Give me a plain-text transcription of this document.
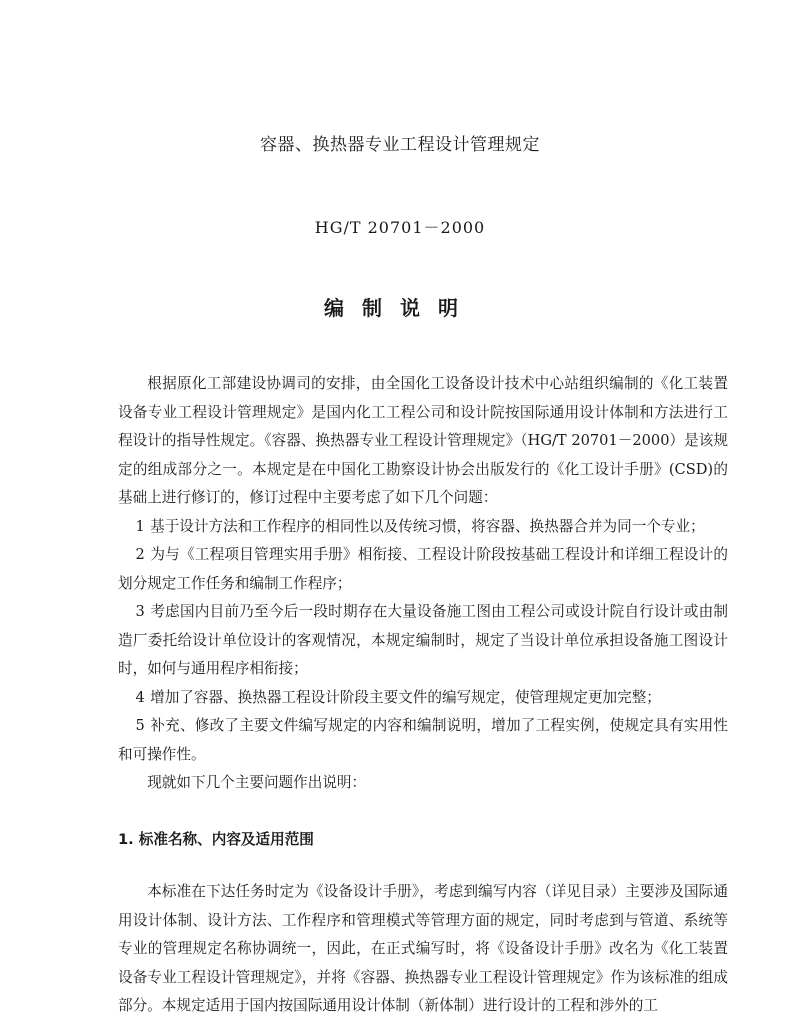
容器、换热器专业工程设计管理规定
HG/T 20701－2000
编制说明

根据原化工部建设协调司的安排，由全国化工设备设计技术中心站组织编制的《化工装置设备专业工程设计管理规定》是国内化工工程公司和设计院按国际通用设计体制和方法进行工程设计的指导性规定。《容器、换热器专业工程设计管理规定》（HG/T 20701－2000）是该规定的组成部分之一。本规定是在中国化工勘察设计协会出版发行的《化工设计手册》(CSD)的基础上进行修订的，修订过程中主要考虑了如下几个问题：

1 基于设计方法和工作程序的相同性以及传统习惯，将容器、换热器合并为同一个专业；

2 为与《工程项目管理实用手册》相衔接、工程设计阶段按基础工程设计和详细工程设计的划分规定工作任务和编制工作程序；

3 考虑国内目前乃至今后一段时期存在大量设备施工图由工程公司或设计院自行设计或由制造厂委托给设计单位设计的客观情况，本规定编制时，规定了当设计单位承担设备施工图设计时，如何与通用程序相衔接；

4 增加了容器、换热器工程设计阶段主要文件的编写规定，使管理规定更加完整；

5 补充、修改了主要文件编写规定的内容和编制说明，增加了工程实例，使规定具有实用性和可操作性。

现就如下几个主要问题作出说明：

1. 标准名称、内容及适用范围

本标准在下达任务时定为《设备设计手册》，考虑到编写内容（详见目录）主要涉及国际通用设计体制、设计方法、工作程序和管理模式等管理方面的规定，同时考虑到与管道、系统等专业的管理规定名称协调统一，因此，在正式编写时，将《设备设计手册》改名为《化工装置设备专业工程设计管理规定》，并将《容器、换热器专业工程设计管理规定》作为该标准的组成部分。本规定适用于国内按国际通用设计体制（新体制）进行设计的工程和涉外的工
